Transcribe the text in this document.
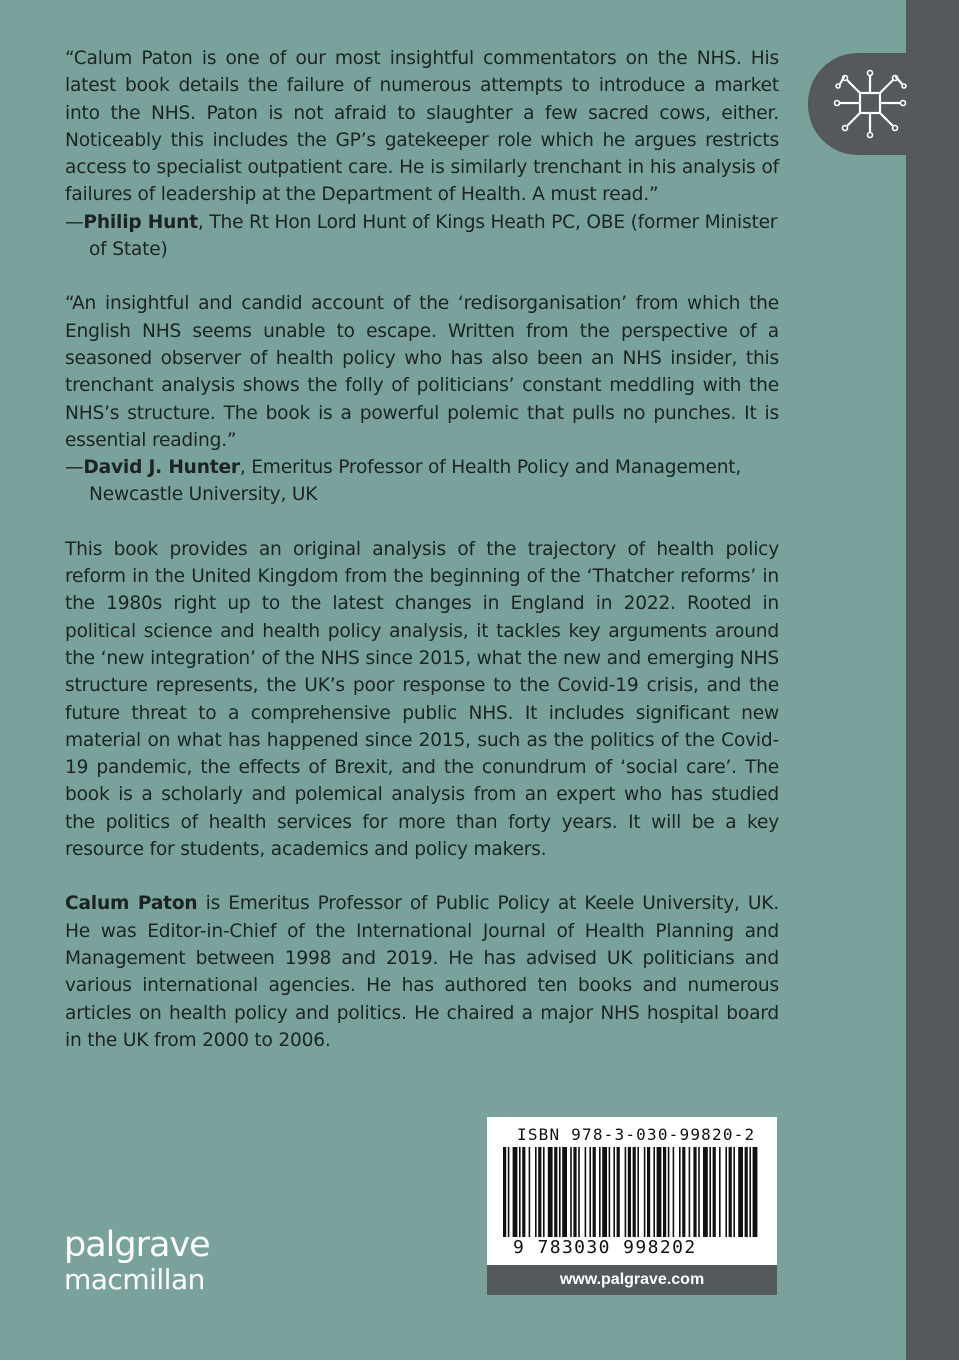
“Calum Paton is one of our most insightful commentators on the NHS. His latest book details the failure of numerous attempts to introduce a market into the NHS. Paton is not afraid to slaughter a few sacred cows, either. Noticeably this includes the GP’s gatekeeper role which he argues restricts access to specialist outpatient care. He is similarly trenchant in his analysis of failures of leadership at the Department of Health. A must read.”

—Philip Hunt, The Rt Hon Lord Hunt of Kings Heath PC, OBE (former Minister of State)

“An insightful and candid account of the ‘redisorganisation’ from which the English NHS seems unable to escape. Written from the perspective of a seasoned observer of health policy who has also been an NHS insider, this trenchant analysis shows the folly of politicians’ constant meddling with the NHS’s structure. The book is a powerful polemic that pulls no punches. It is essential reading.”

—David J. Hunter, Emeritus Professor of Health Policy and Management, Newcastle University, UK

This book provides an original analysis of the trajectory of health policy reform in the United Kingdom from the beginning of the ‘Thatcher reforms’ in the 1980s right up to the latest changes in England in 2022. Rooted in political science and health policy analysis, it tackles key arguments around the ‘new integration’ of the NHS since 2015, what the new and emerging NHS structure represents, the UK’s poor response to the Covid-19 crisis, and the future threat to a comprehensive public NHS. It includes significant new material on what has happened since 2015, such as the politics of the Covid-19 pandemic, the effects of Brexit, and the conundrum of ‘social care’. The book is a scholarly and polemical analysis from an expert who has studied the politics of health services for more than forty years. It will be a key resource for students, academics and policy makers.

Calum Paton is Emeritus Professor of Public Policy at Keele University, UK. He was Editor-in-Chief of the International Journal of Health Planning and Management between 1998 and 2019. He has advised UK politicians and various international agencies. He has authored ten books and numerous articles on health policy and politics. He chaired a major NHS hospital board in the UK from 2000 to 2006.

palgrave
macmillan
ISBN 978-3-030-99820-2
9 783030 998202
www.palgrave.com
